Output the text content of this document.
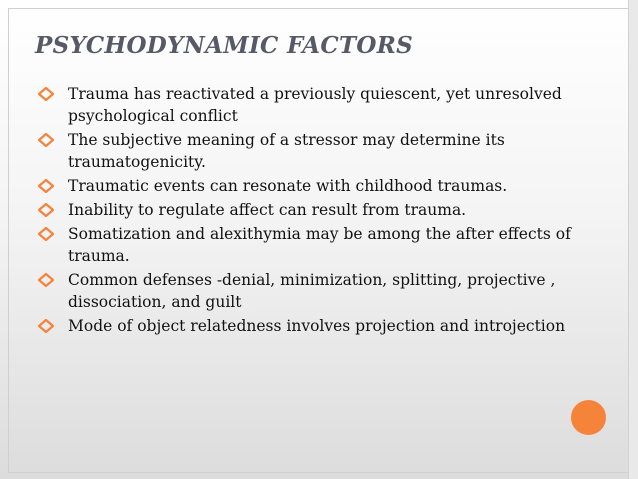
PSYCHODYNAMIC FACTORS
Trauma has reactivated a previously quiescent, yet unresolved psychological conflict
The subjective meaning of a stressor may determine its traumatogenicity.
Traumatic events can resonate with childhood traumas.
Inability to regulate affect can result from trauma.
Somatization and alexithymia may be among the after effects of trauma.
Common defenses -denial, minimization, splitting, projective , dissociation, and guilt
Mode of object relatedness involves projection and introjection
